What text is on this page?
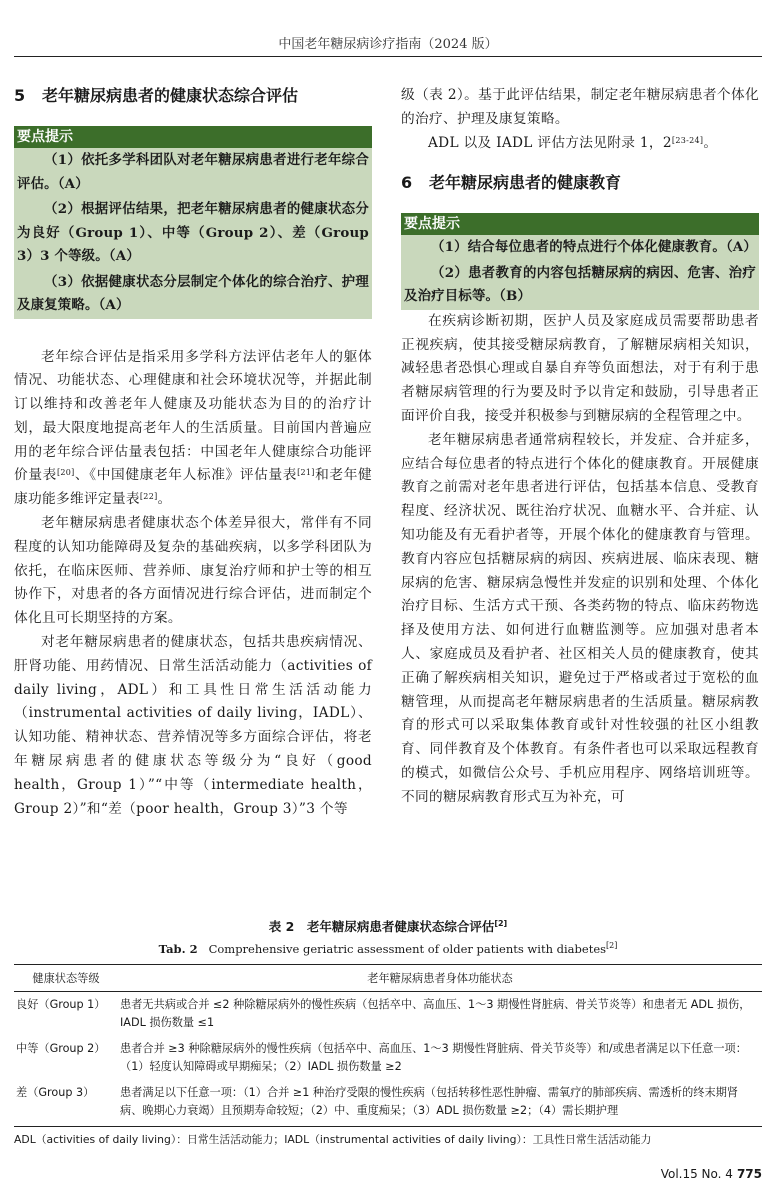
中国老年糖尿病诊疗指南（2024 版）
5 老年糖尿病患者的健康状态综合评估
要点提示
（1）依托多学科团队对老年糖尿病患者进行老年综合评估。（A）
（2）根据评估结果，把老年糖尿病患者的健康状态分为良好（Group 1）、中等（Group 2）、差（Group 3）3 个等级。（A）
（3）依据健康状态分层制定个体化的综合治疗、护理及康复策略。（A）

老年综合评估是指采用多学科方法评估老年人的躯体情况、功能状态、心理健康和社会环境状况等，并据此制订以维持和改善老年人健康及功能状态为目的的治疗计划，最大限度地提高老年人的生活质量。目前国内普遍应用的老年综合评估量表包括：中国老年人健康综合功能评价量表[20]、《中国健康老年人标准》评估量表[21]和老年健康功能多维评定量表[22]。

老年糖尿病患者健康状态个体差异很大，常伴有不同程度的认知功能障碍及复杂的基础疾病，以多学科团队为依托，在临床医师、营养师、康复治疗师和护士等的相互协作下，对患者的各方面情况进行综合评估，进而制定个体化且可长期坚持的方案。

对老年糖尿病患者的健康状态，包括共患疾病情况、肝肾功能、用药情况、日常生活活动能力（activities of daily living，ADL）和工具性日常生活活动能力（instrumental activities of daily living，IADL）、认知功能、精神状态、营养情况等多方面综合评估，将老年糖尿病患者的健康状态等级分为“良好（good health，Group 1）”“中等（intermediate health，Group 2）”和“差（poor health，Group 3）”3 个等

级（表 2）。基于此评估结果，制定老年糖尿病患者个体化的治疗、护理及康复策略。

ADL 以及 IADL 评估方法见附录 1，2[23-24]。

6 老年糖尿病患者的健康教育
要点提示
（1）结合每位患者的特点进行个体化健康教育。（A）
（2）患者教育的内容包括糖尿病的病因、危害、治疗及治疗目标等。（B）

在疾病诊断初期，医护人员及家庭成员需要帮助患者正视疾病，使其接受糖尿病教育，了解糖尿病相关知识，减轻患者恐惧心理或自暴自弃等负面想法，对于有利于患者糖尿病管理的行为要及时予以肯定和鼓励，引导患者正面评价自我，接受并积极参与到糖尿病的全程管理之中。

老年糖尿病患者通常病程较长，并发症、合并症多，应结合每位患者的特点进行个体化的健康教育。开展健康教育之前需对老年患者进行评估，包括基本信息、受教育程度、经济状况、既往治疗状况、血糖水平、合并症、认知功能及有无看护者等，开展个体化的健康教育与管理。教育内容应包括糖尿病的病因、疾病进展、临床表现、糖尿病的危害、糖尿病急慢性并发症的识别和处理、个体化治疗目标、生活方式干预、各类药物的特点、临床药物选择及使用方法、如何进行血糖监测等。应加强对患者本人、家庭成员及看护者、社区相关人员的健康教育，使其正确了解疾病相关知识，避免过于严格或者过于宽松的血糖管理，从而提高老年糖尿病患者的生活质量。糖尿病教育的形式可以采取集体教育或针对性较强的社区小组教育、同伴教育及个体教育。有条件者也可以采取远程教育的模式，如微信公众号、手机应用程序、网络培训班等。不同的糖尿病教育形式互为补充，可

表 2　老年糖尿病患者健康状态综合评估[2]
Tab. 2 Comprehensive geriatric assessment of older patients with diabetes[2]
健康状态等级	老年糖尿病患者身体功能状态
良好（Group 1）	患者无共病或合并 ≤2 种除糖尿病外的慢性疾病（包括卒中、高血压、1～3 期慢性肾脏病、骨关节炎等）和患者无 ADL 损伤，IADL 损伤数量 ≤1
中等（Group 2）	患者合并 ≥3 种除糖尿病外的慢性疾病（包括卒中、高血压、1～3 期慢性肾脏病、骨关节炎等）和/或患者满足以下任意一项：（1）轻度认知障碍或早期痴呆；（2）IADL 损伤数量 ≥2
差（Group 3）	患者满足以下任意一项：（1）合并 ≥1 种治疗受限的慢性疾病（包括转移性恶性肿瘤、需氧疗的肺部疾病、需透析的终末期肾病、晚期心力衰竭）且预期寿命较短；（2）中、重度痴呆；（3）ADL 损伤数量 ≥2；（4）需长期护理
ADL（activities of daily living）：日常生活活动能力；IADL（instrumental activities of daily living）：工具性日常生活活动能力
Vol.15 No. 4 775
